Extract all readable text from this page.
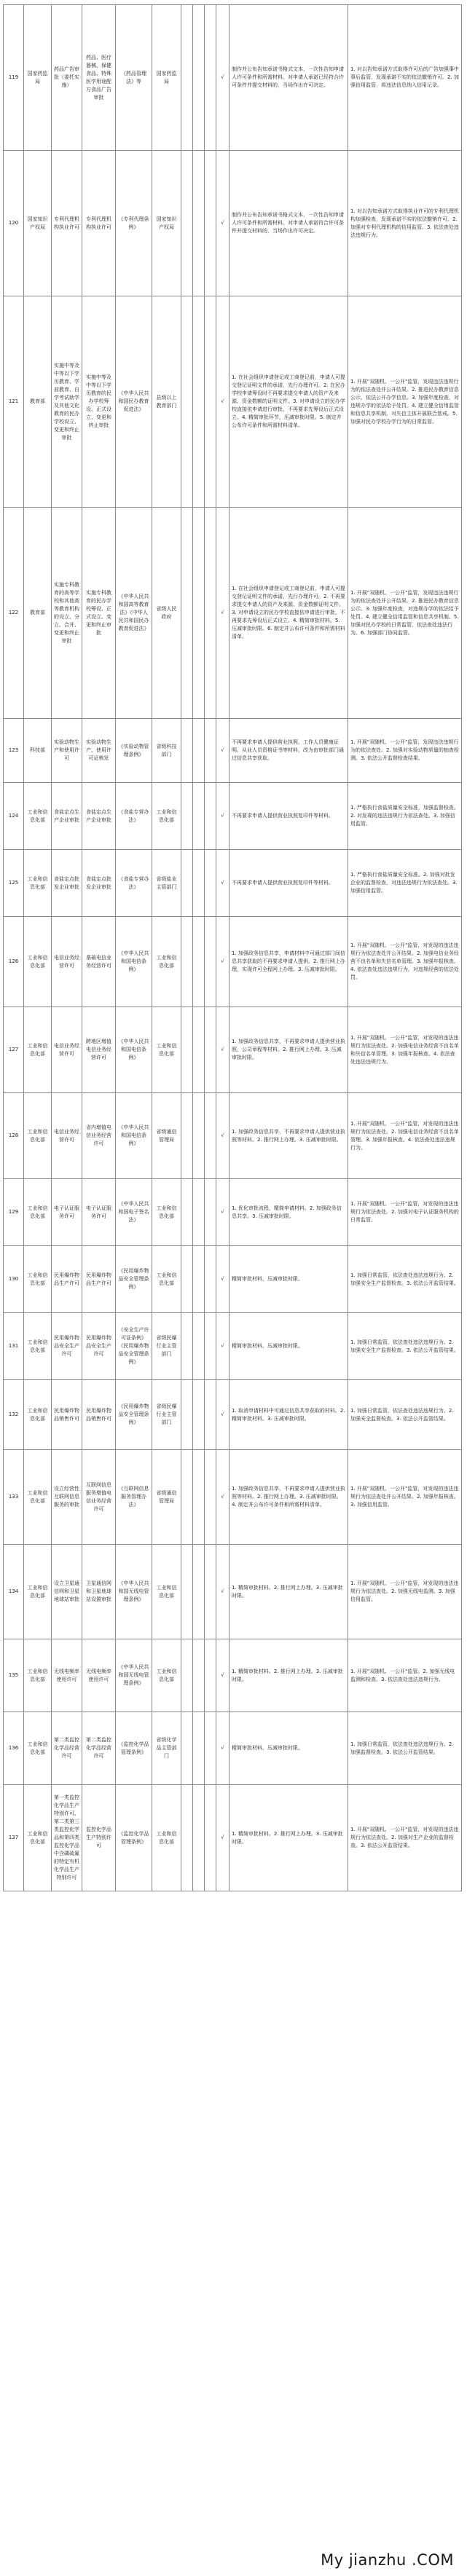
119	国家药监局	药品广告审批（委托实施）	药品、医疗器械、保健食品、特殊医学用途配方食品广告审批	《药品管理法》等	国家药监局				√	制作并公布告知承诺书格式文本，一次性告知申请人许可条件和所需材料。对申请人承诺已经符合许可条件并提交材料的，当场作出许可决定。	1. 对以告知承诺方式取得许可后的广告加强事中事后监管，发现承诺不实的依法撤销许可。2. 加强信用监管，将违法信息纳入信用记录。
120	国家知识产权局	专利代理机构执业许可	专利代理机构执业许可	《专利代理条例》	国家知识产权局				√	制作并公布告知承诺书格式文本，一次性告知申请人许可条件和所需材料。对申请人承诺符合许可条件并提交材料的，当场作出许可决定。	1. 对以告知承诺方式取得执业许可的专利代理机构加强检查，发现承诺不实的依法撤销许可。2. 加强对专利代理机构的信用监管。3. 依法查处违法违规行为。
121	教育部	实施中等及中等以下学历教育、学前教育、自学考试助学及其他文化教育的民办学校设立、变更和终止审批	实施中等及中等以下学历教育的民办学校筹设、正式设立、变更和终止审批	《中华人民共和国民办教育促进法》	县级以上教育部门				√	1. 在社会组织申请登记或工商登记前，申请人可提交登记证明文件的承诺，先行办理许可。2. 在民办学校申请筹设时不再要求提交申请人的资产及来源、资金数额的证明文件。3. 对申请设立的民办学校直接依申请进行审批，不再要求先筹设后正式设立。4. 精简审批环节，压减审批时限。5. 制定并公布许可条件和所需材料清单。	1. 开展"双随机、一公开"监管，发现违法违规行为的依法查处并公开结果。2. 推进民办教育信息公示，依法公开办学信息。3. 加强年度检查，对违规办学的依法给予处罚。4. 建立健全信用监管和信息共享机制，对失信主体开展联合惩戒。5. 加强对民办学校办学行为的日常监管。
122	教育部	实施专科教育的高等学校和其他高等教育机构的设立、分立、合并、变更和终止审批	实施专科教育的民办学校筹设、正式设立、变更和终止审批	《中华人民共和国高等教育法》《中华人民共和国民办教育促进法》	省级人民政府				√	1. 在社会组织申请登记或工商登记前，申请人可提交登记证明文件的承诺，先行办理许可。2. 不再要求提交申请人的资产及来源、资金数额证明文件。3. 对申请设立的民办学校直接依申请进行审批，不再要求先筹设后正式设立。4. 精简审批材料。5. 压减审批时限。6. 制定并公布许可条件和所需材料清单。	1. 开展"双随机、一公开"监管，发现违法违规行为的依法查处并公开结果。2. 推进民办教育信息公示。3. 加强年度检查，对违规办学的依法给予处罚。4. 建立健全信用监管和信息共享机制。5. 加强对民办学校的日常监管，依法查处违法行为。6. 加强部门协同监管。
123	科技部	实验动物生产和使用许可	实验动物生产、使用许可证核发	《实验动物管理条例》	省级科技部门				√	不再要求申请人提供营业执照、工作人员健康证明、从业人员资格证书等材料，改为由审批部门通过信息共享获取。	1. 开展"双随机、一公开"监管，发现违法违规行为的依法查处。2. 加强对实验动物质量的抽查检测。3. 依法公开监督检查结果。
124	工业和信息化部	食盐定点生产企业审批	食盐定点生产企业审批	《食盐专营办法》	工业和信息化部				√	不再要求申请人提供营业执照复印件等材料。	1. 严格执行食盐质量安全标准，加强监督检查。2. 对发现的违法违规行为依法查处。3. 加强信用监管。
125	工业和信息化部	食盐定点批发企业审批	食盐定点批发企业审批	《食盐专营办法》	省级盐业主管部门				√	不再要求申请人提供营业执照复印件等材料。	1. 严格执行食盐质量安全标准。2. 加强对批发企业的监督检查，对违法违规行为依法查处。3. 加强信用监管。
126	工业和信息化部	电信业务经营许可	基础电信业务经营许可	《中华人民共和国电信条例》	工业和信息化部				√	1. 加强政务信息共享，申请材料中可通过部门间信息共享获取的不再要求申请人提供。2. 推行网上办理，实现许可全程网上办理。3. 压减审批时限。	1. 开展"双随机、一公开"监管，对发现的违法违规行为依法查处并公开结果。2. 加强电信业务经营不良名单和失信名单管理。3. 加强年报核查。4. 依法查处违法违规行为，对违规经营的依法处罚。
127	工业和信息化部	电信业务经营许可	跨地区增值电信业务经营许可	《中华人民共和国电信条例》	工业和信息化部				√	1. 加强政务信息共享，不再要求申请人提供营业执照、公司章程等材料。2. 推行网上办理。3. 压减审批时限。	1. 开展"双随机、一公开"监管，对发现的违法违规行为依法查处。2. 加强电信业务经营不良名单和失信名单管理。3. 加强年报核查。4. 依法查处违法违规行为。
128	工业和信息化部	电信业务经营许可	省内增值电信业务经营许可	《中华人民共和国电信条例》	省级通信管理局				√	1. 加强政务信息共享，不再要求申请人提供营业执照等材料。2. 推行网上办理。3. 压减审批时限。	1. 开展"双随机、一公开"监管，对发现的违法违规行为依法查处。2. 加强电信业务经营不良名单管理。3. 加强年报核查。4. 依法查处违法违规行为。
129	工业和信息化部	电子认证服务许可	电子认证服务许可	《中华人民共和国电子签名法》	工业和信息化部				√	1. 优化审批流程，精简申请材料。2. 加强政务信息共享。3. 压减审批时限。	1. 开展"双随机、一公开"监管，对发现的违法违规行为依法查处。2. 加强对电子认证服务机构的日常监管。
130	工业和信息化部	民用爆炸物品生产许可	民用爆炸物品生产许可	《民用爆炸物品安全管理条例》	工业和信息化部				√	精简审批材料，压减审批时限。	1. 加强日常监管，依法查处违法违规行为。2. 加强安全生产监督检查。3. 依法公开监管结果。
131	工业和信息化部	民用爆炸物品安全生产许可	民用爆炸物品安全生产许可	《安全生产许可证条例》《民用爆炸物品安全管理条例》	省级民爆行业主管部门				√	精简审批材料，压减审批时限。	1. 加强日常监管，依法查处违法违规行为。2. 加强安全生产监督检查。3. 依法公开监管结果。
132	工业和信息化部	民用爆炸物品销售许可	民用爆炸物品销售许可	《民用爆炸物品安全管理条例》	省级民爆行业主管部门				√	1. 取消申请材料中可通过信息共享获取的材料。2. 精简审批材料。3. 压减审批时限。	1. 加强日常监管，依法查处违法违规行为。2. 加强安全监督检查。3. 依法公开监管结果。
133	工业和信息化部	设立经营性互联网信息服务的审批	互联网信息服务增值电信业务经营许可	《互联网信息服务管理办法》	省级通信管理局				√	1. 加强政务信息共享，不再要求申请人提供营业执照等材料。2. 推行网上办理。3. 压减审批时限。4. 制定并公布许可条件和所需材料清单。	1. 开展"双随机、一公开"监管，对发现的违法违规行为依法查处并公开结果。2. 加强年报核查。3. 加强信用监管。
134	工业和信息化部	设立卫星通信网和卫星地球站审批	卫星通信网和卫星地球站设置审批	《中华人民共和国无线电管理条例》	工业和信息化部				√	1. 精简审批材料。2. 推行网上办理。3. 压减审批时限。	1. 开展"双随机、一公开"监管，对发现的违法违规行为依法查处。2. 加强无线电监测。3. 加强信用监管。
135	工业和信息化部	无线电频率使用许可	无线电频率使用许可	《中华人民共和国无线电管理条例》	工业和信息化部				√	1. 精简审批材料。2. 推行网上办理。3. 压减审批时限。	1. 开展"双随机、一公开"监管。2. 加强无线电监测和检查。3. 依法查处违法违规行为。
136	工业和信息化部	第二类监控化学品经营许可	第二类监控化学品经营许可	《监控化学品管理条例》	省级化学品主管部门				√	精简审批材料，压减审批时限。	1. 加强日常监管，依法查处违法违规行为。2. 加强监督检查。3. 依法公开监管结果。
137	工业和信息化部	第一类监控化学品生产特别许可、第二类第三类监控化学品和第四类监控化学品中含磷硫氟的特定有机化学品生产特别许可	监控化学品生产特别许可	《监控化学品管理条例》	工业和信息化部				√	1. 精简审批材料。2. 推行网上办理。3. 压减审批时限。	1. 开展"双随机、一公开"监管，对发现的违法违规行为依法查处。2. 加强对生产企业的监督检查。3. 依法公开监管结果。
My jianzhu .COM
